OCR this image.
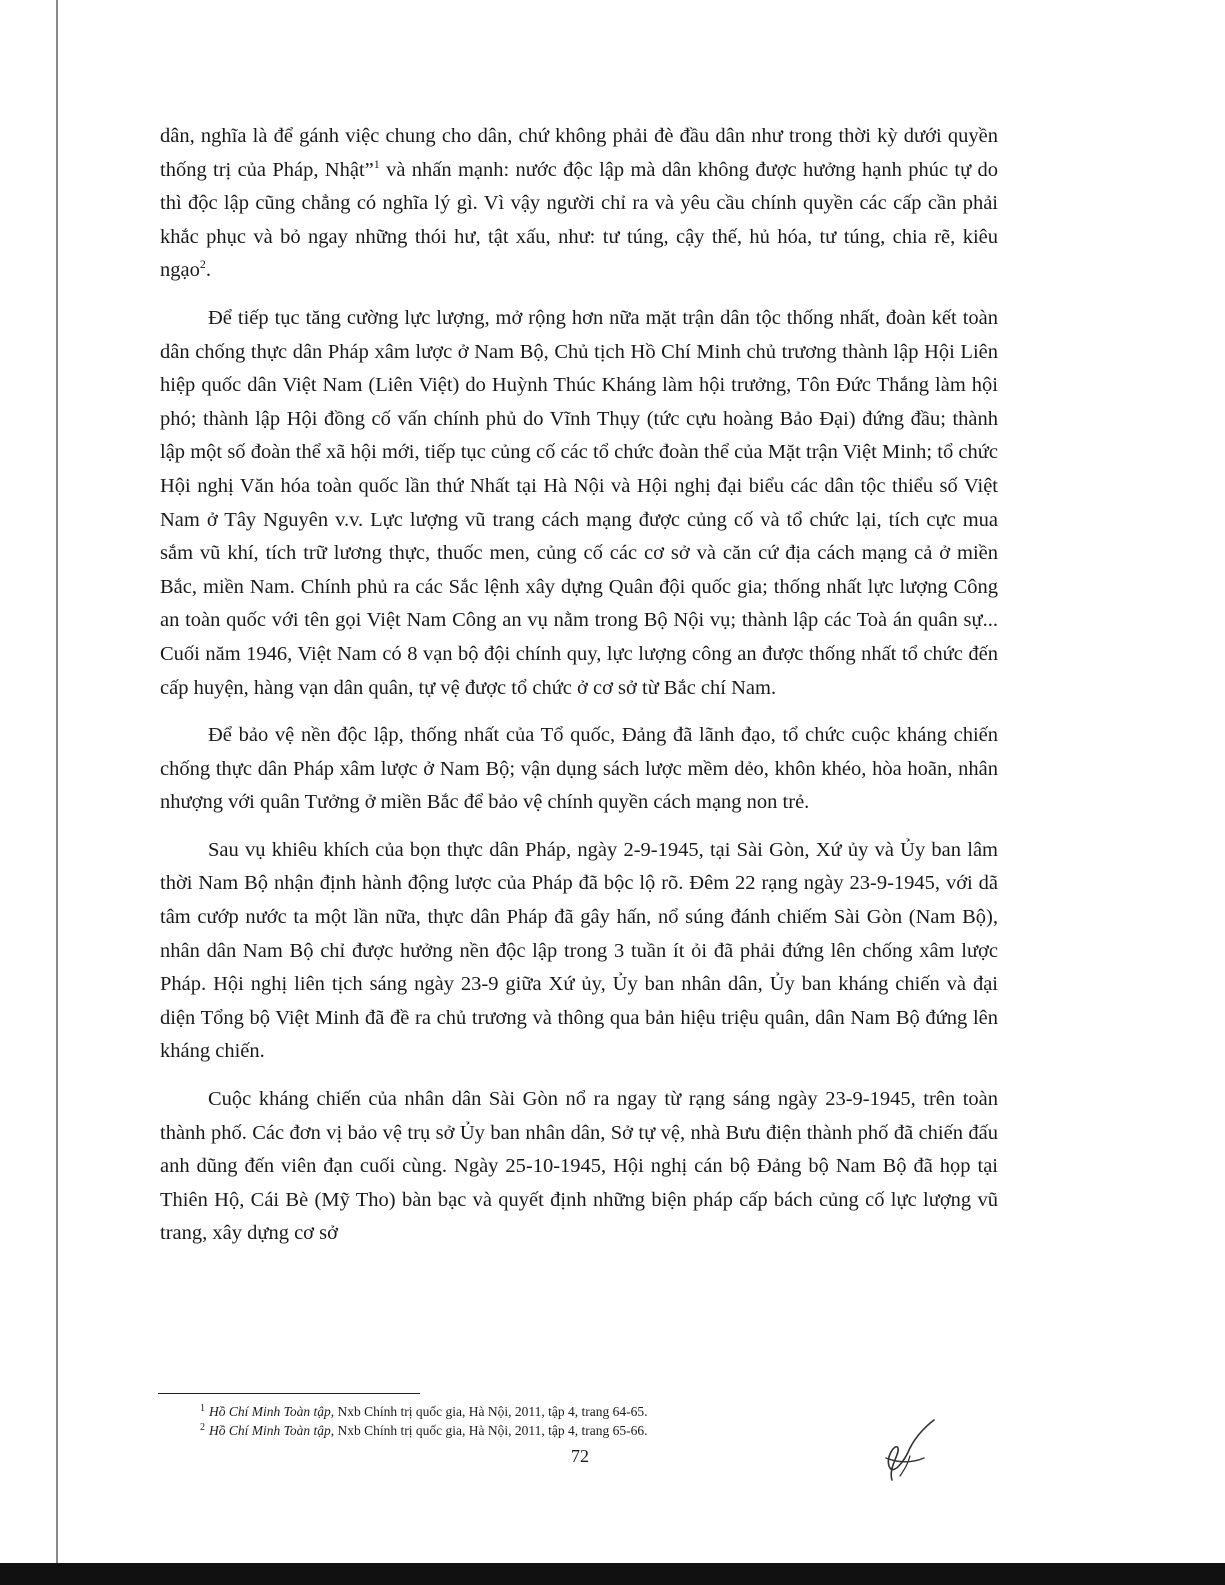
dân, nghĩa là để gánh việc chung cho dân, chứ không phải đè đầu dân như trong thời kỳ dưới quyền thống trị của Pháp, Nhật”$^1$ và nhấn mạnh: nước độc lập mà dân không được hưởng hạnh phúc tự do thì độc lập cũng chẳng có nghĩa lý gì. Vì vậy người chỉ ra và yêu cầu chính quyền các cấp cần phải khắc phục và bỏ ngay những thói hư, tật xấu, như: tư túng, cậy thế, hủ hóa, tư túng, chia rẽ, kiêu ngạo$^2$.

Để tiếp tục tăng cường lực lượng, mở rộng hơn nữa mặt trận dân tộc thống nhất, đoàn kết toàn dân chống thực dân Pháp xâm lược ở Nam Bộ, Chủ tịch Hồ Chí Minh chủ trương thành lập Hội Liên hiệp quốc dân Việt Nam (Liên Việt) do Huỳnh Thúc Kháng làm hội trưởng, Tôn Đức Thắng làm hội phó; thành lập Hội đồng cố vấn chính phủ do Vĩnh Thụy (tức cựu hoàng Bảo Đại) đứng đầu; thành lập một số đoàn thể xã hội mới, tiếp tục củng cố các tổ chức đoàn thể của Mặt trận Việt Minh; tổ chức Hội nghị Văn hóa toàn quốc lần thứ Nhất tại Hà Nội và Hội nghị đại biểu các dân tộc thiểu số Việt Nam ở Tây Nguyên v.v. Lực lượng vũ trang cách mạng được củng cố và tổ chức lại, tích cực mua sắm vũ khí, tích trữ lương thực, thuốc men, củng cố các cơ sở và căn cứ địa cách mạng cả ở miền Bắc, miền Nam. Chính phủ ra các Sắc lệnh xây dựng Quân đội quốc gia; thống nhất lực lượng Công an toàn quốc với tên gọi Việt Nam Công an vụ nằm trong Bộ Nội vụ; thành lập các Toà án quân sự... Cuối năm 1946, Việt Nam có 8 vạn bộ đội chính quy, lực lượng công an được thống nhất tổ chức đến cấp huyện, hàng vạn dân quân, tự vệ được tổ chức ở cơ sở từ Bắc chí Nam.

Để bảo vệ nền độc lập, thống nhất của Tổ quốc, Đảng đã lãnh đạo, tổ chức cuộc kháng chiến chống thực dân Pháp xâm lược ở Nam Bộ; vận dụng sách lược mềm dẻo, khôn khéo, hòa hoãn, nhân nhượng với quân Tưởng ở miền Bắc để bảo vệ chính quyền cách mạng non trẻ.

Sau vụ khiêu khích của bọn thực dân Pháp, ngày 2-9-1945, tại Sài Gòn, Xứ ủy và Ủy ban lâm thời Nam Bộ nhận định hành động lược của Pháp đã bộc lộ rõ. Đêm 22 rạng ngày 23-9-1945, với dã tâm cướp nước ta một lần nữa, thực dân Pháp đã gây hấn, nổ súng đánh chiếm Sài Gòn (Nam Bộ), nhân dân Nam Bộ chỉ được hưởng nền độc lập trong 3 tuần ít ỏi đã phải đứng lên chống xâm lược Pháp. Hội nghị liên tịch sáng ngày 23-9 giữa Xứ ủy, Ủy ban nhân dân, Ủy ban kháng chiến và đại diện Tổng bộ Việt Minh đã đề ra chủ trương và thông qua bản hiệu triệu quân, dân Nam Bộ đứng lên kháng chiến.

Cuộc kháng chiến của nhân dân Sài Gòn nổ ra ngay từ rạng sáng ngày 23-9-1945, trên toàn thành phố. Các đơn vị bảo vệ trụ sở Ủy ban nhân dân, Sở tự vệ, nhà Bưu điện thành phố đã chiến đấu anh dũng đến viên đạn cuối cùng. Ngày 25-10-1945, Hội nghị cán bộ Đảng bộ Nam Bộ đã họp tại Thiên Hộ, Cái Bè (Mỹ Tho) bàn bạc và quyết định những biện pháp cấp bách củng cố lực lượng vũ trang, xây dựng cơ sở

$^1$ Hồ Chí Minh Toàn tập, Nxb Chính trị quốc gia, Hà Nội, 2011, tập 4, trang 64-65.

$^2$ Hồ Chí Minh Toàn tập, Nxb Chính trị quốc gia, Hà Nội, 2011, tập 4, trang 65-66.

72
